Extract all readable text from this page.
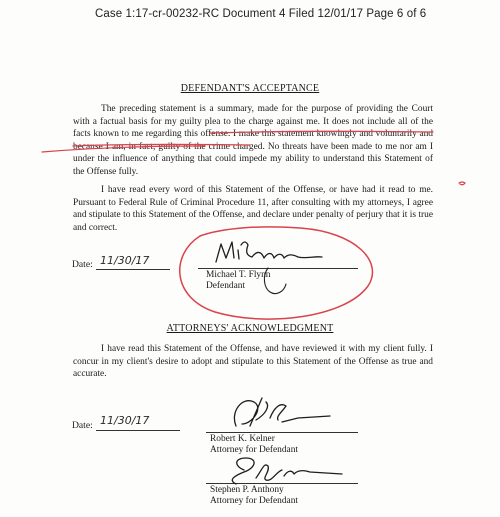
Case 1:17-cr-00232-RC Document 4 Filed 12/01/17 Page 6 of 6
DEFENDANT'S ACCEPTANCE

The preceding statement is a summary, made for the purpose of providing the Court with a factual basis for my guilty plea to the charge against me. It does not include all of the facts known to me regarding this offense. I make this statement knowingly and voluntarily and because I am, in fact, guilty of the crime charged. No threats have been made to me nor am I under the influence of anything that could impede my ability to understand this Statement of the Offense fully.

I have read every word of this Statement of the Offense, or have had it read to me. Pursuant to Federal Rule of Criminal Procedure 11, after consulting with my attorneys, I agree and stipulate to this Statement of the Offense, and declare under penalty of perjury that it is true and correct.

Date: 11/30/17
Michael T. Flynn
Defendant
ATTORNEYS' ACKNOWLEDGMENT

I have read this Statement of the Offense, and have reviewed it with my client fully. I concur in my client's desire to adopt and stipulate to this Statement of the Offense as true and accurate.

Date: 11/30/17
Robert K. Kelner
Attorney for Defendant
Stephen P. Anthony
Attorney for Defendant
